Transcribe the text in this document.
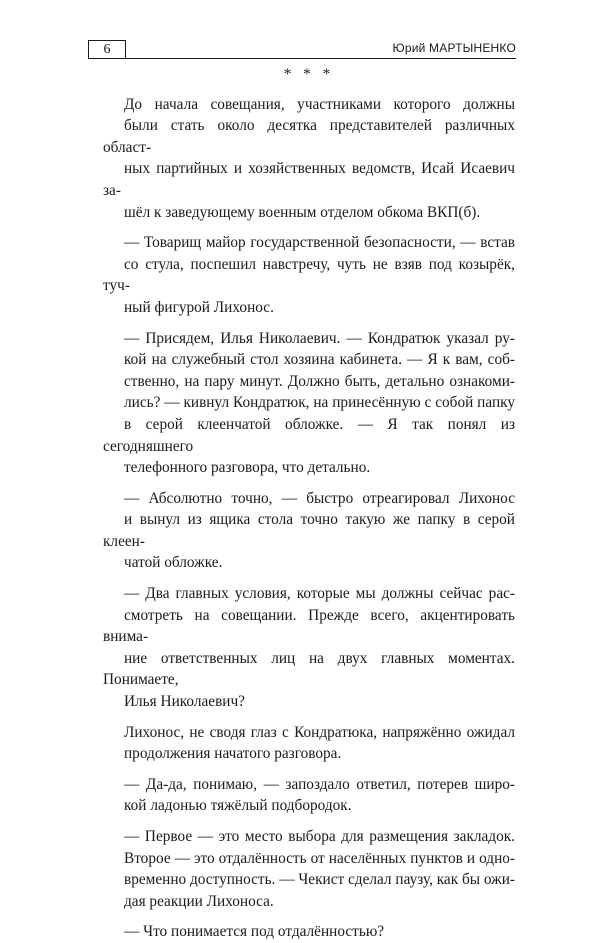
6	Юрий МАРТЫНЕНКО

* * *

До начала совещания, участниками которого должны
были стать около десятка представителей различных област-
ных партийных и хозяйственных ведомств, Исай Исаевич за-
шёл к заведующему военным отделом обкома ВКП(б).

— Товарищ майор государственной безопасности, — встав
со стула, поспешил навстречу, чуть не взяв под козырёк, туч-
ный фигурой Лихонос.

— Присядем, Илья Николаевич. — Кондратюк указал ру-
кой на служебный стол хозяина кабинета. — Я к вам, соб-
ственно, на пару минут. Должно быть, детально ознакоми-
лись? — кивнул Кондратюк, на принесённую с собой папку
в серой клеенчатой обложке. — Я так понял из сегодняшнего
телефонного разговора, что детально.

— Абсолютно точно, — быстро отреагировал Лихонос
и вынул из ящика стола точно такую же папку в серой клеен-
чатой обложке.

— Два главных условия, которые мы должны сейчас рас-
смотреть на совещании. Прежде всего, акцентировать внима-
ние ответственных лиц на двух главных моментах. Понимаете,
Илья Николаевич?

Лихонос, не сводя глаз с Кондратюка, напряжённо ожидал
продолжения начатого разговора.

— Да-да, понимаю, — запоздало ответил, потерев широ-
кой ладонью тяжёлый подбородок.

— Первое — это место выбора для размещения закладок.
Второе — это отдалённость от населённых пунктов и одно-
временно доступность. — Чекист сделал паузу, как бы ожи-
дая реакции Лихоноса.

— Что понимается под отдалённостью?
